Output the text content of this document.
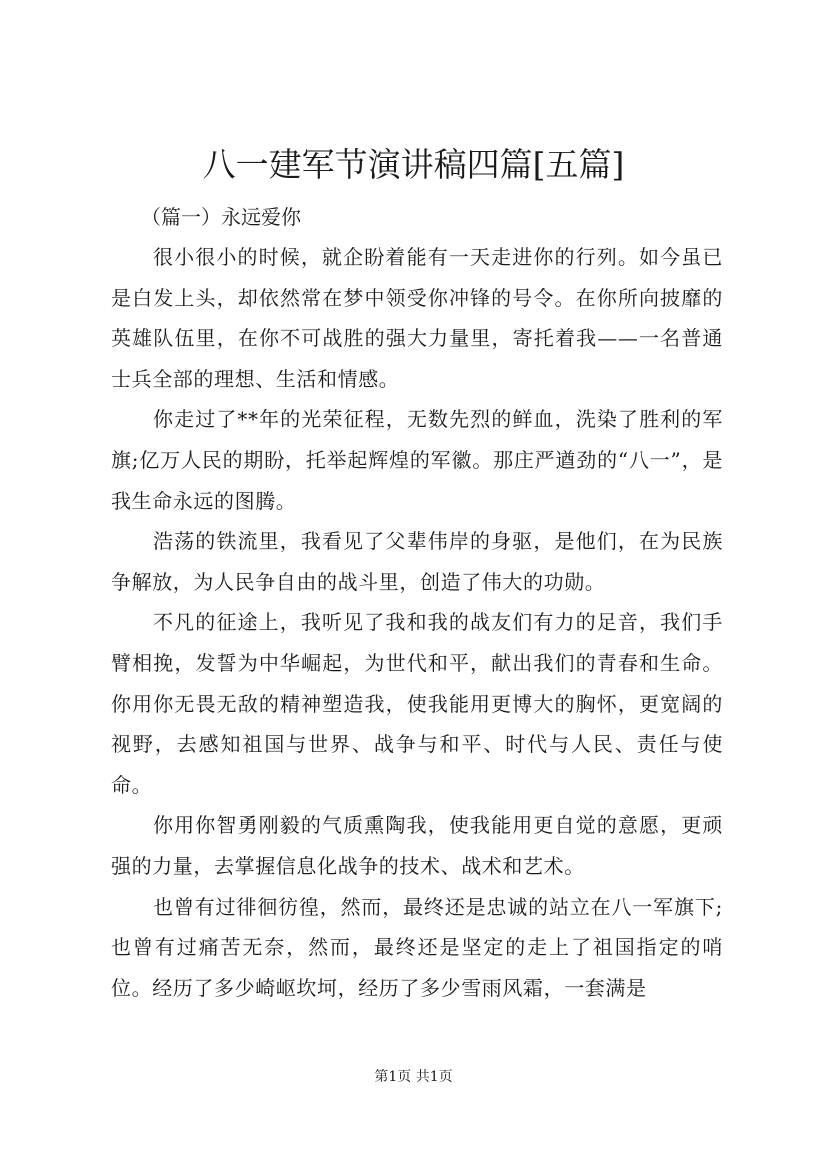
八一建军节演讲稿四篇[五篇]

（篇一）永远爱你

很小很小的时候，就企盼着能有一天走进你的行列。如今虽已是白发上头，却依然常在梦中领受你冲锋的号令。在你所向披靡的英雄队伍里，在你不可战胜的强大力量里，寄托着我——一名普通士兵全部的理想、生活和情感。

你走过了**年的光荣征程，无数先烈的鲜血，洗染了胜利的军旗;亿万人民的期盼，托举起辉煌的军徽。那庄严遒劲的“八一”，是我生命永远的图腾。

浩荡的铁流里，我看见了父辈伟岸的身驱，是他们，在为民族争解放，为人民争自由的战斗里，创造了伟大的功勋。

不凡的征途上，我听见了我和我的战友们有力的足音，我们手臂相挽，发誓为中华崛起，为世代和平，献出我们的青春和生命。你用你无畏无敌的精神塑造我，使我能用更博大的胸怀，更宽阔的视野，去感知祖国与世界、战争与和平、时代与人民、责任与使命。

你用你智勇刚毅的气质熏陶我，使我能用更自觉的意愿，更顽强的力量，去掌握信息化战争的技术、战术和艺术。

也曾有过徘徊彷徨，然而，最终还是忠诚的站立在八一军旗下;也曾有过痛苦无奈，然而，最终还是坚定的走上了祖国指定的哨位。经历了多少崎岖坎坷，经历了多少雪雨风霜，一套满是

第1页 共1页
